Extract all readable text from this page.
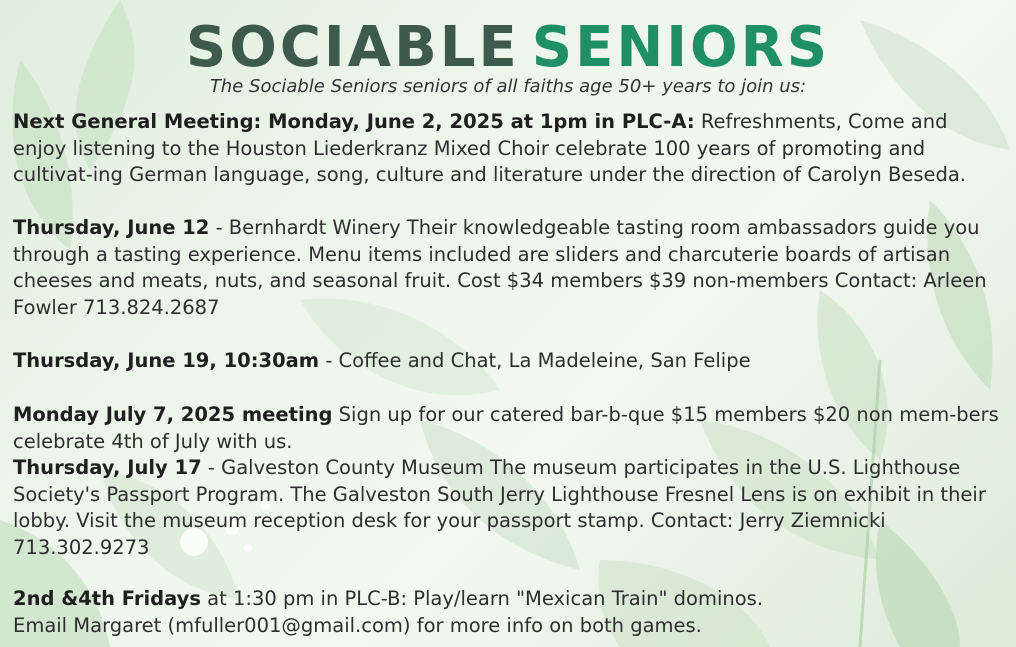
SOCIABLE SENIORS
The Sociable Seniors seniors of all faiths age 50+ years to join us:
Next General Meeting: Monday, June 2, 2025 at 1pm in PLC-A: Refreshments, Come and enjoy listening to the Houston Liederkranz Mixed Choir celebrate 100 years of promoting and cultivat-ing German language, song, culture and literature under the direction of Carolyn Beseda.
Thursday, June 12 - Bernhardt Winery Their knowledgeable tasting room ambassadors guide you through a tasting experience. Menu items included are sliders and charcuterie boards of artisan cheeses and meats, nuts, and seasonal fruit. Cost $34 members $39 non-members Contact: Arleen Fowler 713.824.2687
Thursday, June 19, 10:30am - Coffee and Chat, La Madeleine, San Felipe
Monday July 7, 2025 meeting Sign up for our catered bar-b-que $15 members $20 non mem-bers celebrate 4th of July with us.
Thursday, July 17 - Galveston County Museum The museum participates in the U.S. Lighthouse Society's Passport Program. The Galveston South Jerry Lighthouse Fresnel Lens is on exhibit in their lobby. Visit the museum reception desk for your passport stamp. Contact: Jerry Ziemnicki 713.302.9273
2nd &4th Fridays at 1:30 pm in PLC-B: Play/learn "Mexican Train" dominos.
Email Margaret (mfuller001@gmail.com) for more info on both games.
